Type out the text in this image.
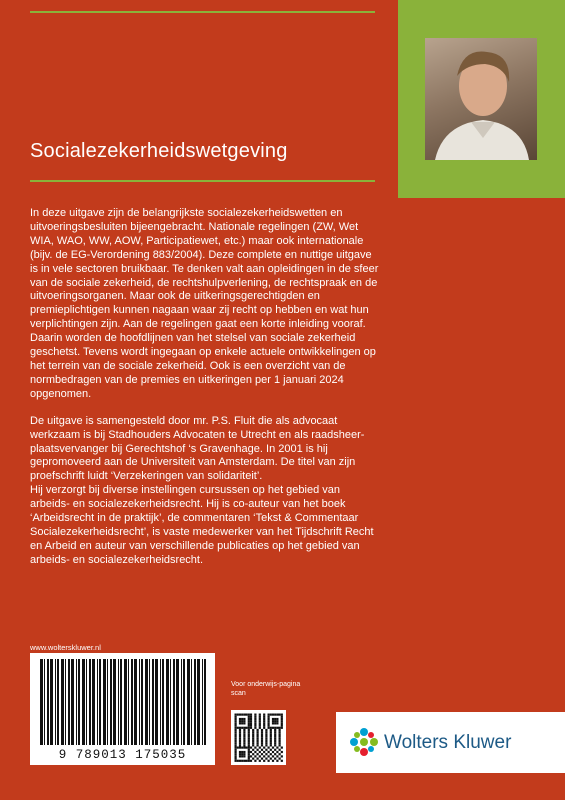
Socialezekerheidswetgeving

In deze uitgave zijn de belangrijkste socialezekerheidswetten en uitvoeringsbesluiten bijeengebracht. Nationale regelingen (ZW, Wet WIA, WAO, WW, AOW, Participatiewet, etc.) maar ook internationale (bijv. de EG-Verordening 883/2004). Deze complete en nuttige uitgave is in vele sectoren bruikbaar. Te denken valt aan opleidingen in de sfeer van de sociale zekerheid, de rechtshulpverlening, de rechtspraak en de uitvoeringsorganen. Maar ook de uitkeringsgerechtigden en premieplichtigen kunnen nagaan waar zij recht op hebben en wat hun verplichtingen zijn. Aan de regelingen gaat een korte inleiding vooraf. Daarin worden de hoofdlijnen van het stelsel van sociale zekerheid geschetst. Tevens wordt ingegaan op enkele actuele ontwikkelingen op het terrein van de sociale zekerheid. Ook is een overzicht van de normbedragen van de premies en uitkeringen per 1 januari 2024 opgenomen.

De uitgave is samengesteld door mr. P.S. Fluit die als advocaat werkzaam is bij Stadhouders Advocaten te Utrecht en als raadsheer-plaatsvervanger bij Gerechtshof ‘s Gravenhage. In 2001 is hij gepromoveerd aan de Universiteit van Amsterdam. De titel van zijn proefschrift luidt ‘Verzekeringen van solidariteit’.

Hij verzorgt bij diverse instellingen cursussen op het gebied van arbeids- en socialezekerheidsrecht. Hij is co-auteur van het boek ‘Arbeidsrecht in de praktijk’, de commentaren ‘Tekst & Commentaar Socialezekerheidsrecht’, is vaste medewerker van het Tijdschrift Recht en Arbeid en auteur van verschillende publicaties op het gebied van arbeids- en socialezekerheidsrecht.

www.wolterskluwer.nl
9 789013 175035
Voor onderwijs-pagina scan
Wolters Kluwer
